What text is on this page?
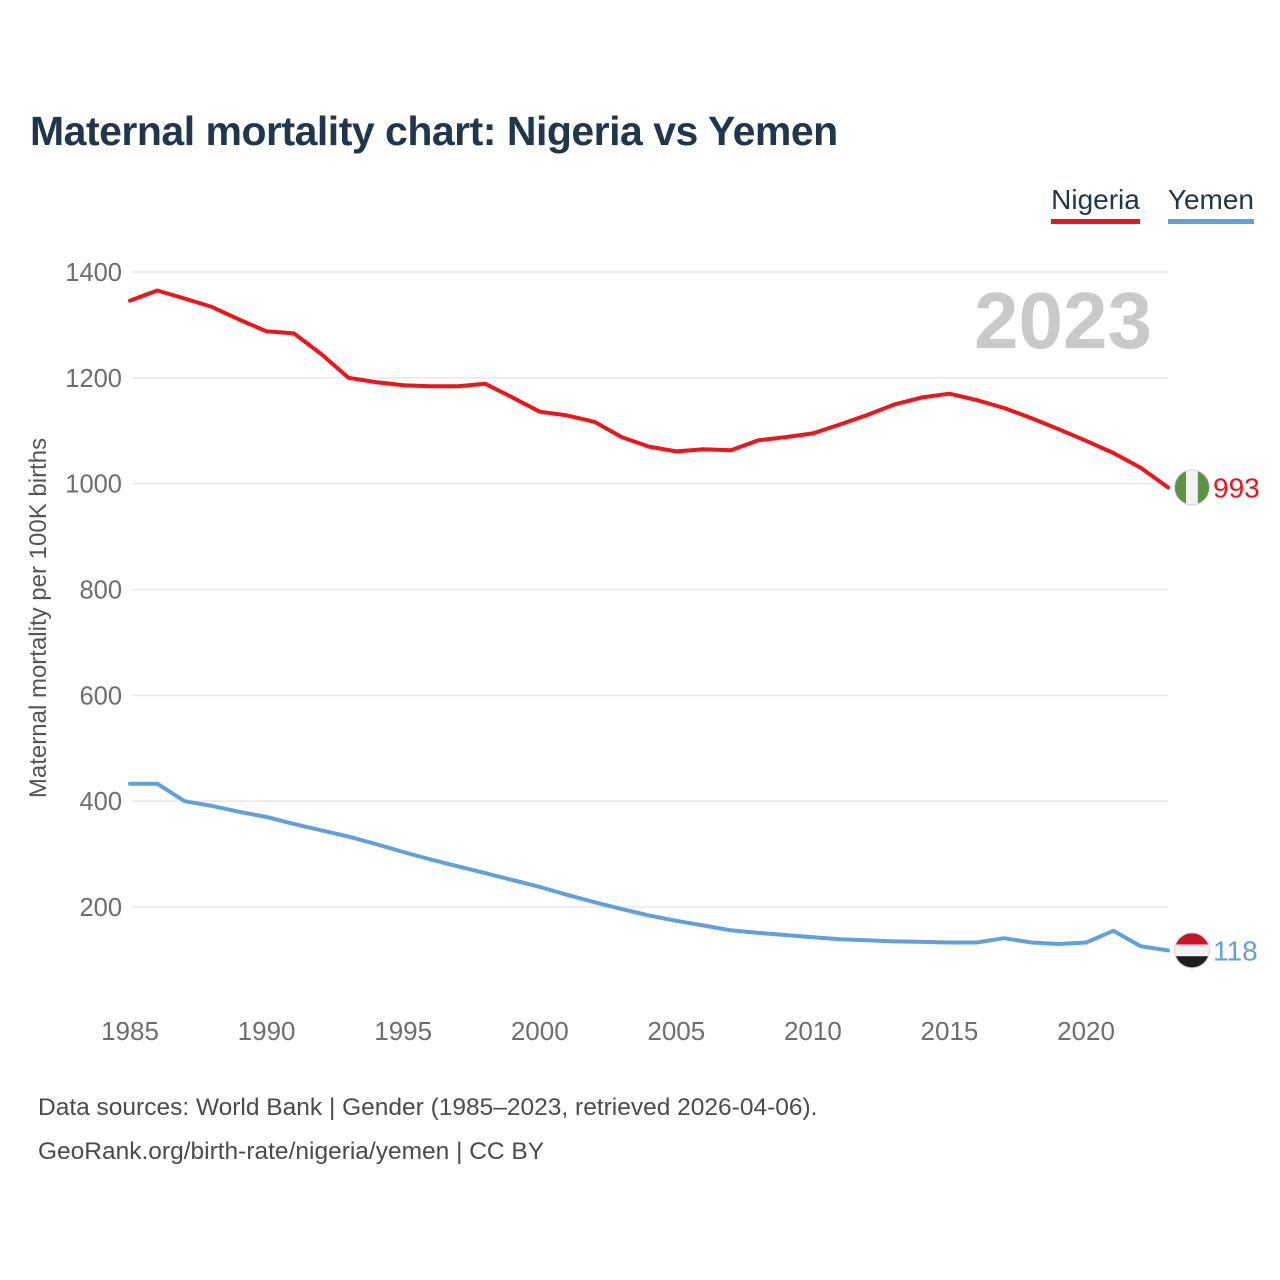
200
400
600
800
1000
1200
1400
1985	1990	1995	2000	2005	2010	2015	2020
Maternal mortality per 100K births
2023
993
118
Maternal mortality chart: Nigeria vs Yemen
Nigeria Yemen
Data sources: World Bank | Gender (1985–2023, retrieved 2026-04-06).
GeoRank.org/birth-rate/nigeria/yemen | CC BY
